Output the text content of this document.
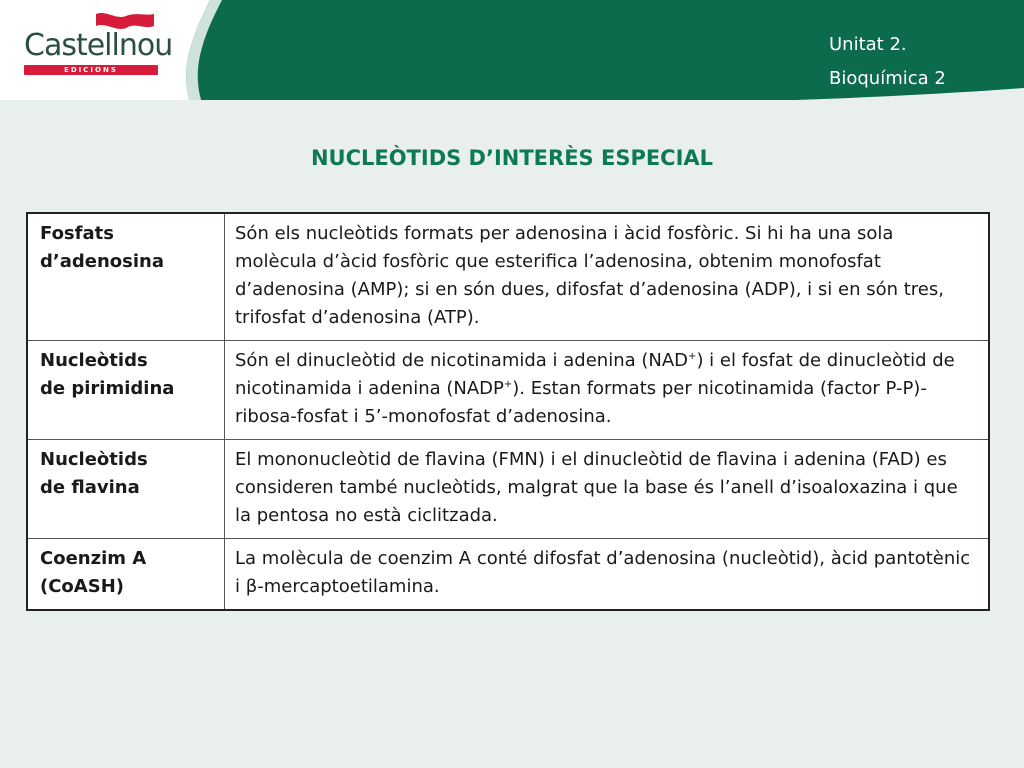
Castellnou
EDICIONS
Unitat 2.
Bioquímica 2
NUCLEÒTIDS D’INTERÈS ESPECIAL
Fosfats
d’adenosina	Són els nucleòtids formats per adenosina i àcid fosfòric. Si hi ha una sola molècula d’àcid fosfòric que esterifica l’adenosina, obtenim monofosfat d’adenosina (AMP); si en són dues, difosfat d’adenosina (ADP), i si en són tres, trifosfat d’adenosina (ATP).

Nucleòtids
de pirimidina	Són el dinucleòtid de nicotinamida i adenina (NAD+) i el fosfat de dinucleòtid de nicotinamida i adenina (NADP+). Estan formats per nicotinamida (factor P-P)-ribosa-fosfat i 5’-monofosfat d’adenosina.

Nucleòtids
de flavina	El mononucleòtid de flavina (FMN) i el dinucleòtid de flavina i adenina (FAD) es consideren també nucleòtids, malgrat que la base és l’anell d’isoaloxazina i que la pentosa no està ciclitzada.

Coenzim A
(CoASH)	La molècula de coenzim A conté difosfat d’adenosina (nucleòtid), àcid pantotènic i β-mercaptoetilamina.
